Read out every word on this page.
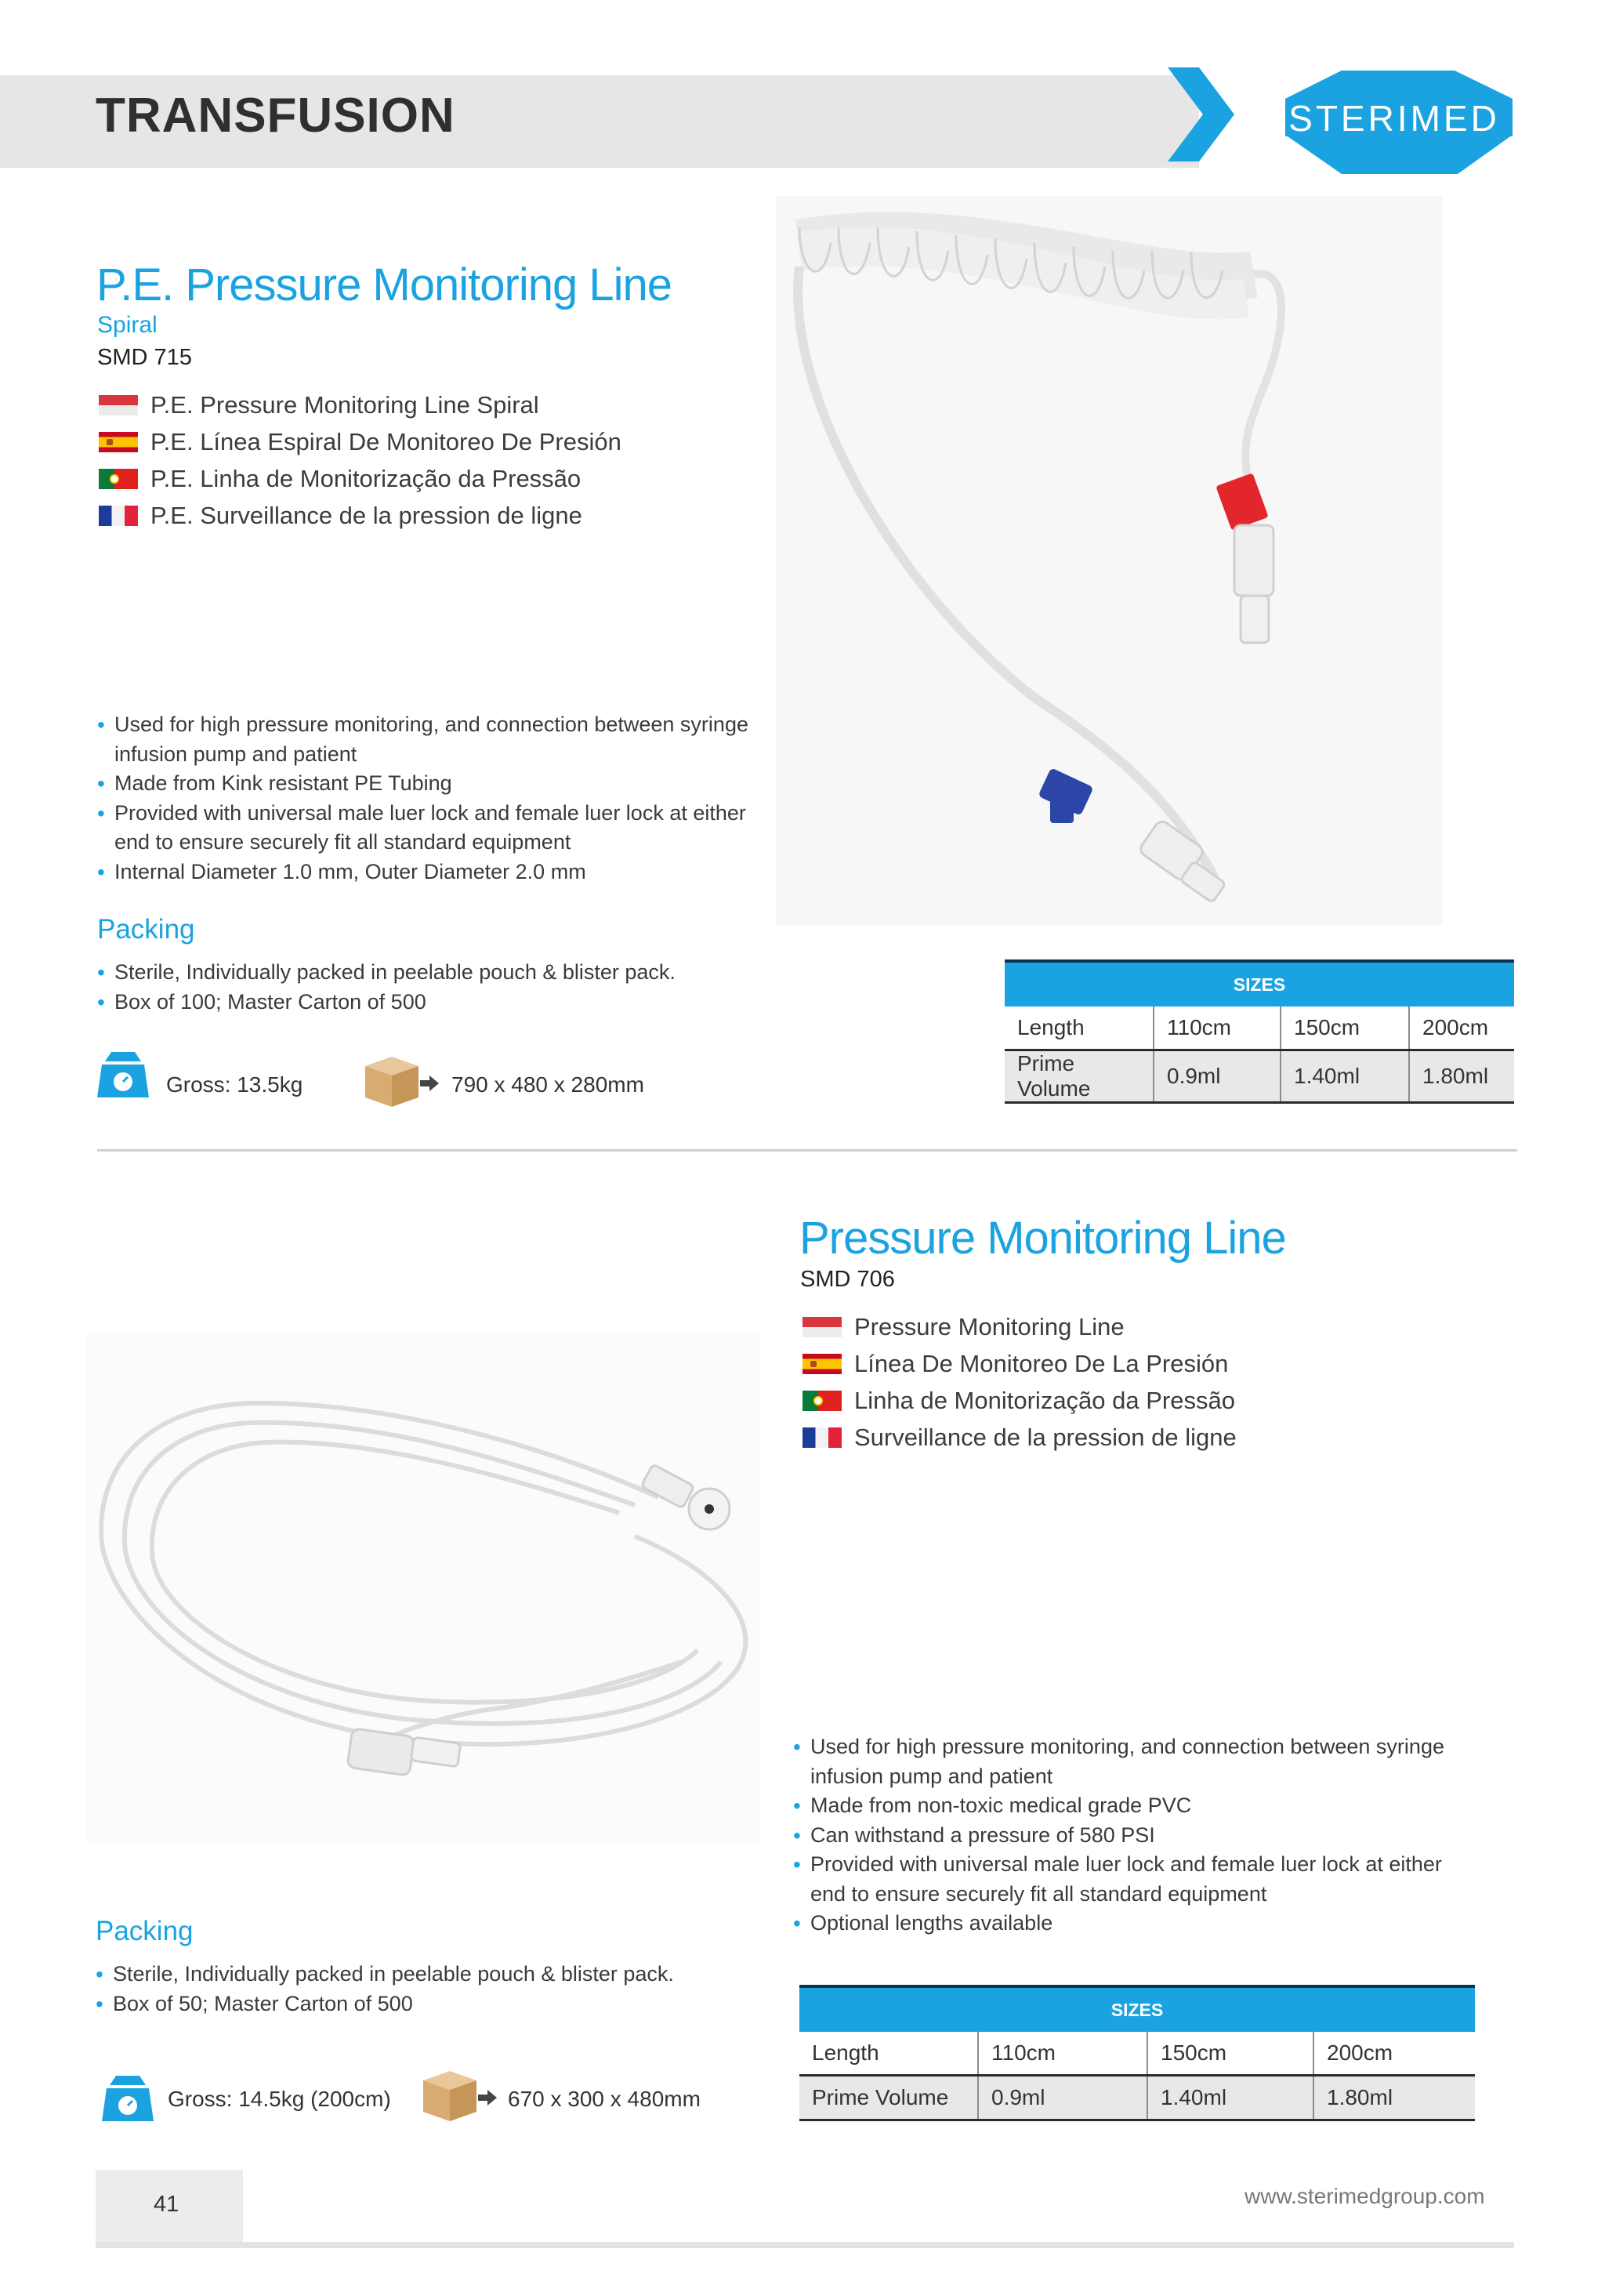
TRANSFUSION	STERIMED
P.E. Pressure Monitoring Line
Spiral
SMD 715
P.E. Pressure Monitoring Line Spiral
P.E. Línea Espiral De Monitoreo De Presión
P.E. Linha de Monitorização da Pressão
P.E. Surveillance de la pression de ligne
• Used for high pressure monitoring, and connection between syringe infusion pump and patient
• Made from Kink resistant PE Tubing
• Provided with universal male luer lock and female luer lock at either end to ensure securely fit all standard equipment
• Internal Diameter 1.0 mm, Outer Diameter 2.0 mm
Packing
• Sterile, Individually packed in peelable pouch & blister pack.
• Box of 100; Master Carton of 500
Gross: 13.5kg	790 x 480 x 280mm
SIZES			
Length	110cm	150cm	200cm
Prime Volume	0.9ml	1.40ml	1.80ml
Pressure Monitoring Line
SMD 706
Pressure Monitoring Line
Línea De Monitoreo De La Presión
Linha de Monitorização da Pressão
Surveillance de la pression de ligne
• Used for high pressure monitoring, and connection between syringe infusion pump and patient
• Made from non-toxic medical grade PVC
• Can withstand a pressure of 580 PSI
• Provided with universal male luer lock and female luer lock at either end to ensure securely fit all standard equipment
• Optional lengths available
Packing
• Sterile, Individually packed in peelable pouch & blister pack.
• Box of 50; Master Carton of 500
Gross: 14.5kg (200cm)	670 x 300 x 480mm
SIZES			
Length	110cm	150cm	200cm
Prime Volume	0.9ml	1.40ml	1.80ml
41	www.sterimedgroup.com
